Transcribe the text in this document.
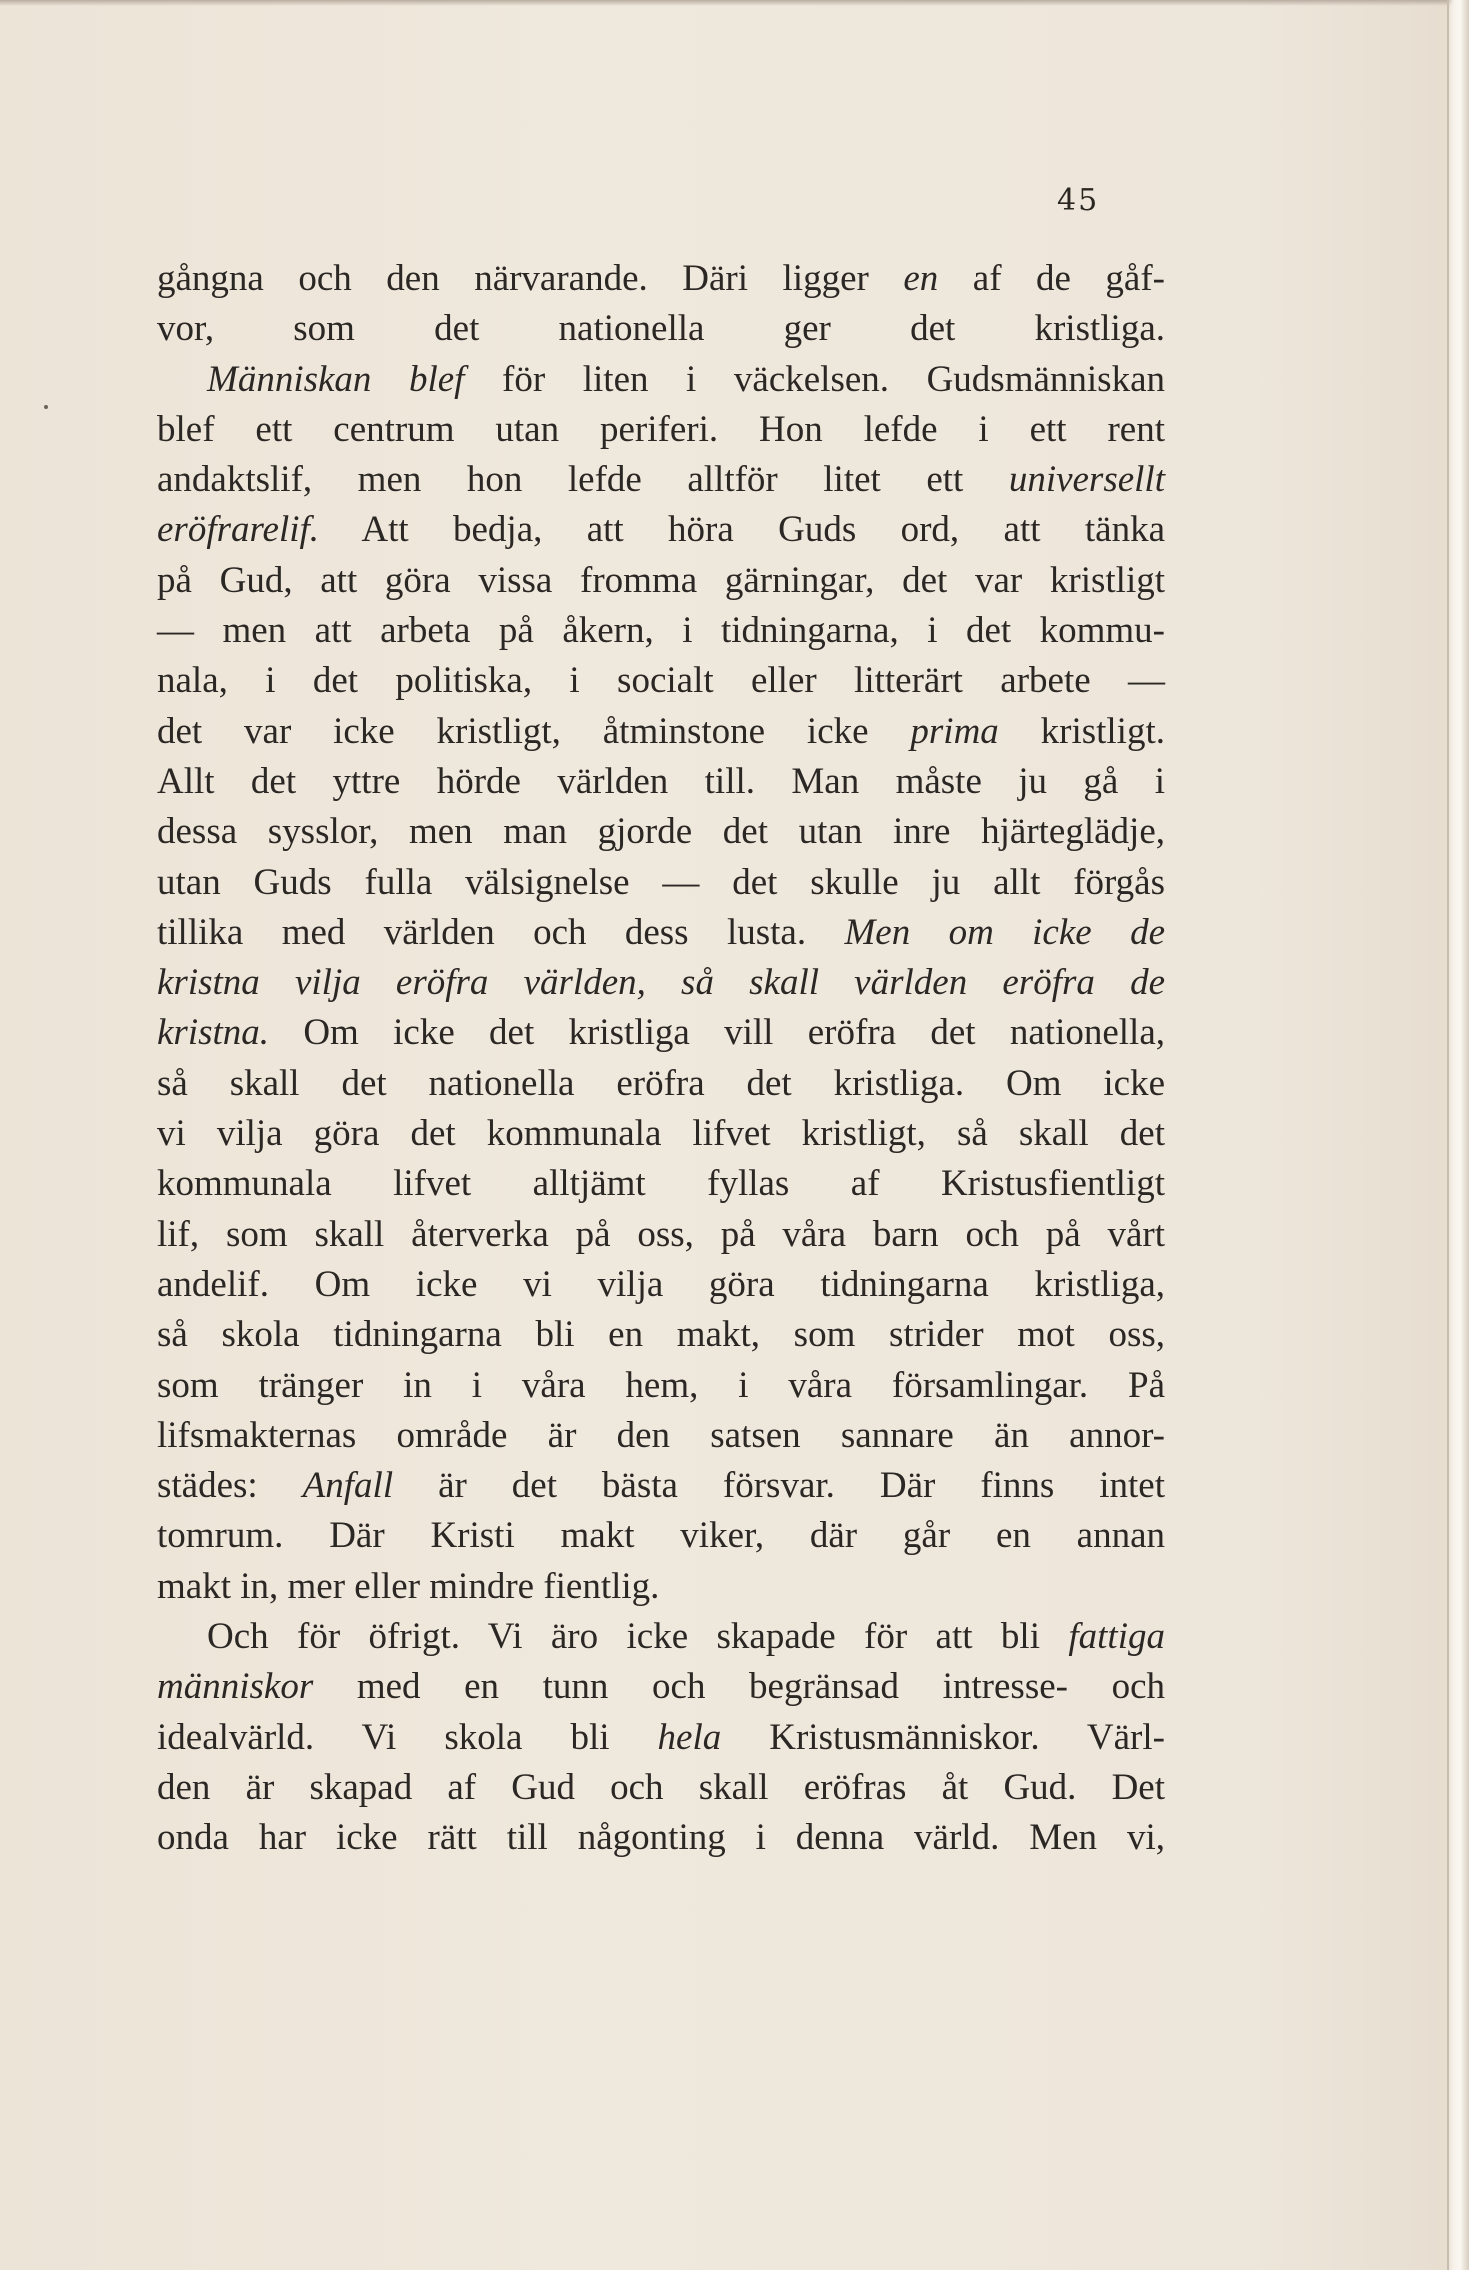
45
gångna och den närvarande. Däri ligger en af de gåf-
vor, som det nationella ger det kristliga.
Människan blef för liten i väckelsen. Gudsmänniskan
blef ett centrum utan periferi. Hon lefde i ett rent
andaktslif, men hon lefde alltför litet ett universellt
eröfrarelif. Att bedja, att höra Guds ord, att tänka
på Gud, att göra vissa fromma gärningar, det var kristligt
— men att arbeta på åkern, i tidningarna, i det kommu-
nala, i det politiska, i socialt eller litterärt arbete —
det var icke kristligt, åtminstone icke prima kristligt.
Allt det yttre hörde världen till. Man måste ju gå i
dessa sysslor, men man gjorde det utan inre hjärteglädje,
utan Guds fulla välsignelse — det skulle ju allt förgås
tillika med världen och dess lusta. Men om icke de
kristna vilja eröfra världen, så skall världen eröfra de
kristna. Om icke det kristliga vill eröfra det nationella,
så skall det nationella eröfra det kristliga. Om icke
vi vilja göra det kommunala lifvet kristligt, så skall det
kommunala lifvet alltjämt fyllas af Kristusfientligt
lif, som skall återverka på oss, på våra barn och på vårt
andelif. Om icke vi vilja göra tidningarna kristliga,
så skola tidningarna bli en makt, som strider mot oss,
som tränger in i våra hem, i våra församlingar. På
lifsmakternas område är den satsen sannare än annor-
städes: Anfall är det bästa försvar. Där finns intet
tomrum. Där Kristi makt viker, där går en annan
makt in, mer eller mindre fientlig.
Och för öfrigt. Vi äro icke skapade för att bli fattiga
människor med en tunn och begränsad intresse- och
idealvärld. Vi skola bli hela Kristusmänniskor. Värl-
den är skapad af Gud och skall eröfras åt Gud. Det
onda har icke rätt till någonting i denna värld. Men vi,
